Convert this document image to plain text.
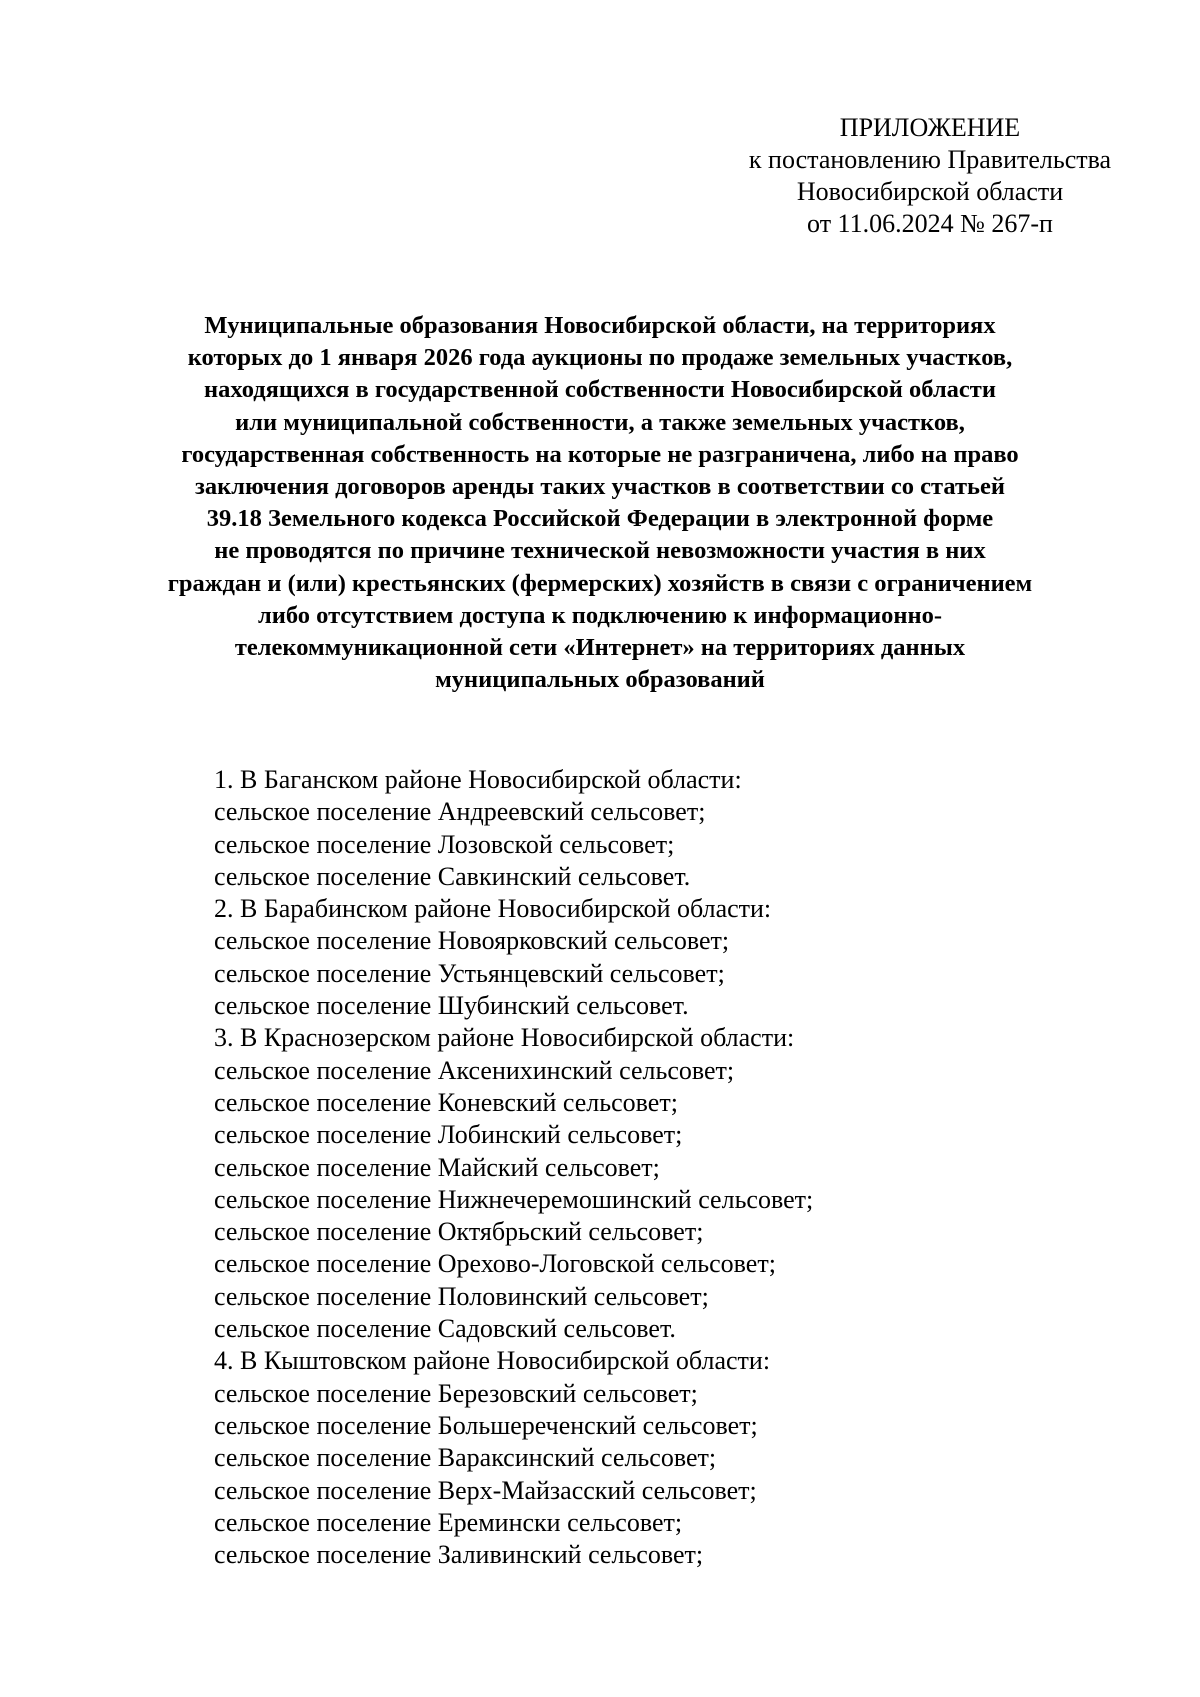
ПРИЛОЖЕНИЕ
к постановлению Правительства
Новосибирской области
от 11.06.2024 № 267-п
Муниципальные образования Новосибирской области, на территориях
которых до 1 января 2026 года аукционы по продаже земельных участков,
находящихся в государственной собственности Новосибирской области
или муниципальной собственности, а также земельных участков,
государственная собственность на которые не разграничена, либо на право
заключения договоров аренды таких участков в соответствии со статьей
39.18 Земельного кодекса Российской Федерации в электронной форме
не проводятся по причине технической невозможности участия в них
граждан и (или) крестьянских (фермерских) хозяйств в связи с ограничением
либо отсутствием доступа к подключению к информационно-
телекоммуникационной сети «Интернет» на территориях данных
муниципальных образований
1. В Баганском районе Новосибирской области:
сельское поселение Андреевский сельсовет;
сельское поселение Лозовской сельсовет;
сельское поселение Савкинский сельсовет.
2. В Барабинском районе Новосибирской области:
сельское поселение Новоярковский сельсовет;
сельское поселение Устьянцевский сельсовет;
сельское поселение Шубинский сельсовет.
3. В Краснозерском районе Новосибирской области:
сельское поселение Аксенихинский сельсовет;
сельское поселение Коневский сельсовет;
сельское поселение Лобинский сельсовет;
сельское поселение Майский сельсовет;
сельское поселение Нижнечеремошинский сельсовет;
сельское поселение Октябрьский сельсовет;
сельское поселение Орехово-Логовской сельсовет;
сельское поселение Половинский сельсовет;
сельское поселение Садовский сельсовет.
4. В Кыштовском районе Новосибирской области:
сельское поселение Березовский сельсовет;
сельское поселение Большереченский сельсовет;
сельское поселение Вараксинский сельсовет;
сельское поселение Верх-Майзасский сельсовет;
сельское поселение Еремински сельсовет;
сельское поселение Заливинский сельсовет;
